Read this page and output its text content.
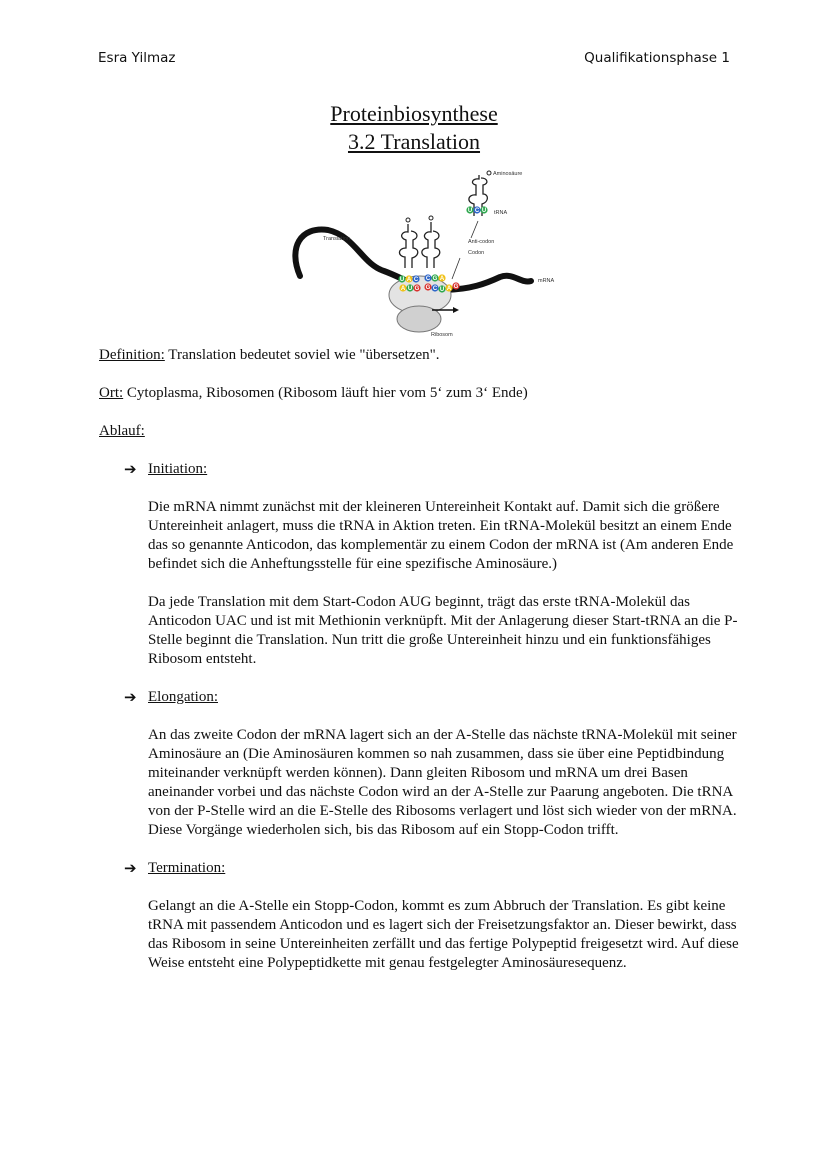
Esra Yilmaz	Qualifikationsphase 1
Proteinbiosynthese
3.2 Translation
Aminosäure
tRNA
Anti-codon
Codon
mRNA
Translation
Ribosom
U C U
U A C C G A
A U G G C U A G

Definition: Translation bedeutet soviel wie "übersetzen".

Ort: Cytoplasma, Ribosomen (Ribosom läuft hier vom 5‘ zum 3‘ Ende)

Ablauf:

➔ Initiation:

Die mRNA nimmt zunächst mit der kleineren Untereinheit Kontakt auf. Damit sich die größere Untereinheit anlagert, muss die tRNA in Aktion treten. Ein tRNA-Molekül besitzt an einem Ende das so genannte Anticodon, das komplementär zu einem Codon der mRNA ist (Am anderen Ende befindet sich die Anheftungsstelle für eine spezifische Aminosäure.)

Da jede Translation mit dem Start-Codon AUG beginnt, trägt das erste tRNA-Molekül das Anticodon UAC und ist mit Methionin verknüpft. Mit der Anlagerung dieser Start-tRNA an die P-Stelle beginnt die Translation. Nun tritt die große Untereinheit hinzu und ein funktionsfähiges Ribosom entsteht.

➔ Elongation:

An das zweite Codon der mRNA lagert sich an der A-Stelle das nächste tRNA-Molekül mit seiner Aminosäure an (Die Aminosäuren kommen so nah zusammen, dass sie über eine Peptidbindung miteinander verknüpft werden können). Dann gleiten Ribosom und mRNA um drei Basen aneinander vorbei und das nächste Codon wird an der A-Stelle zur Paarung angeboten. Die tRNA von der P-Stelle wird an die E-Stelle des Ribosoms verlagert und löst sich wieder von der mRNA.

Diese Vorgänge wiederholen sich, bis das Ribosom auf ein Stopp-Codon trifft.

➔ Termination:

Gelangt an die A-Stelle ein Stopp-Codon, kommt es zum Abbruch der Translation. Es gibt keine tRNA mit passendem Anticodon und es lagert sich der Freisetzungsfaktor an. Dieser bewirkt, dass das Ribosom in seine Untereinheiten zerfällt und das fertige Polypeptid freigesetzt wird. Auf diese Weise entsteht eine Polypeptidkette mit genau festgelegter Aminosäuresequenz.
